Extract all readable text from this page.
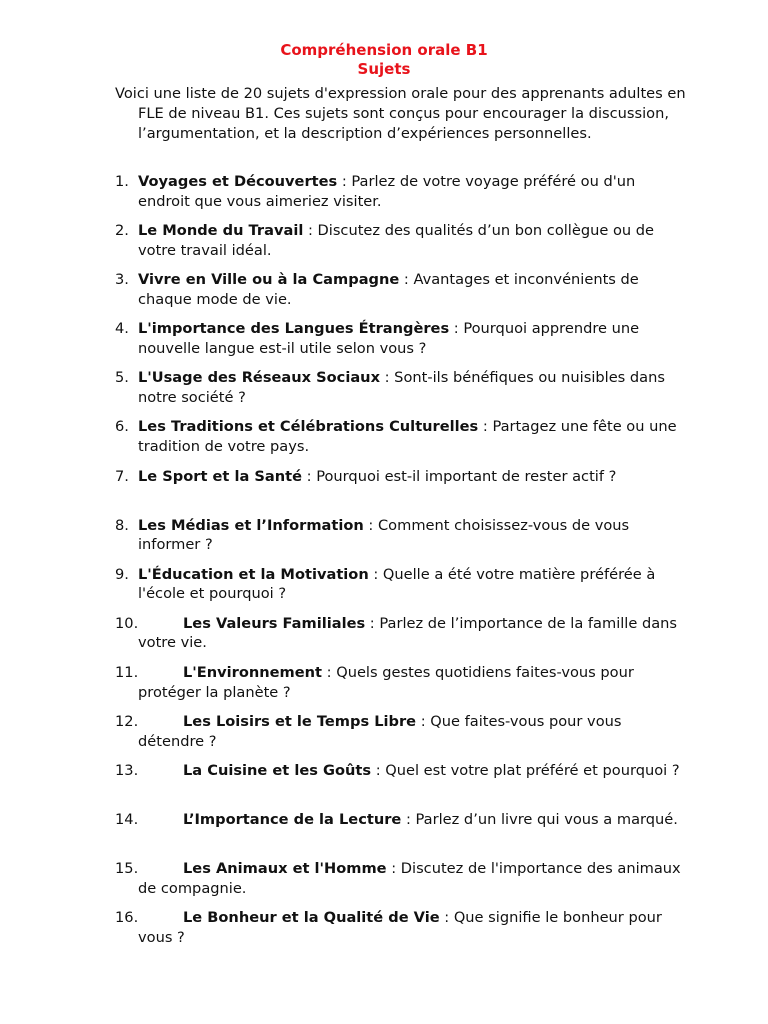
Compréhension orale B1
Sujets

Voici une liste de 20 sujets d'expression orale pour des apprenants adultes en FLE de niveau B1. Ces sujets sont conçus pour encourager la discussion, l’argumentation, et la description d’expériences personnelles.

1. Voyages et Découvertes : Parlez de votre voyage préféré ou d'un endroit que vous aimeriez visiter.
2. Le Monde du Travail : Discutez des qualités d’un bon collègue ou de votre travail idéal.
3. Vivre en Ville ou à la Campagne : Avantages et inconvénients de chaque mode de vie.
4. L'importance des Langues Étrangères : Pourquoi apprendre une nouvelle langue est-il utile selon vous ?
5. L'Usage des Réseaux Sociaux : Sont-ils bénéfiques ou nuisibles dans notre société ?
6. Les Traditions et Célébrations Culturelles : Partagez une fête ou une tradition de votre pays.
7. Le Sport et la Santé : Pourquoi est-il important de rester actif ?
8. Les Médias et l’Information : Comment choisissez-vous de vous informer ?
9. L'Éducation et la Motivation : Quelle a été votre matière préférée à l'école et pourquoi ?
10.	Les Valeurs Familiales : Parlez de l’importance de la famille dans votre vie.
11.	L'Environnement : Quels gestes quotidiens faites-vous pour protéger la planète ?
12.	Les Loisirs et le Temps Libre : Que faites-vous pour vous détendre ?
13.	La Cuisine et les Goûts : Quel est votre plat préféré et pourquoi ?
14.	L’Importance de la Lecture : Parlez d’un livre qui vous a marqué.
15.	Les Animaux et l'Homme : Discutez de l'importance des animaux de compagnie.
16.	Le Bonheur et la Qualité de Vie : Que signifie le bonheur pour vous ?
